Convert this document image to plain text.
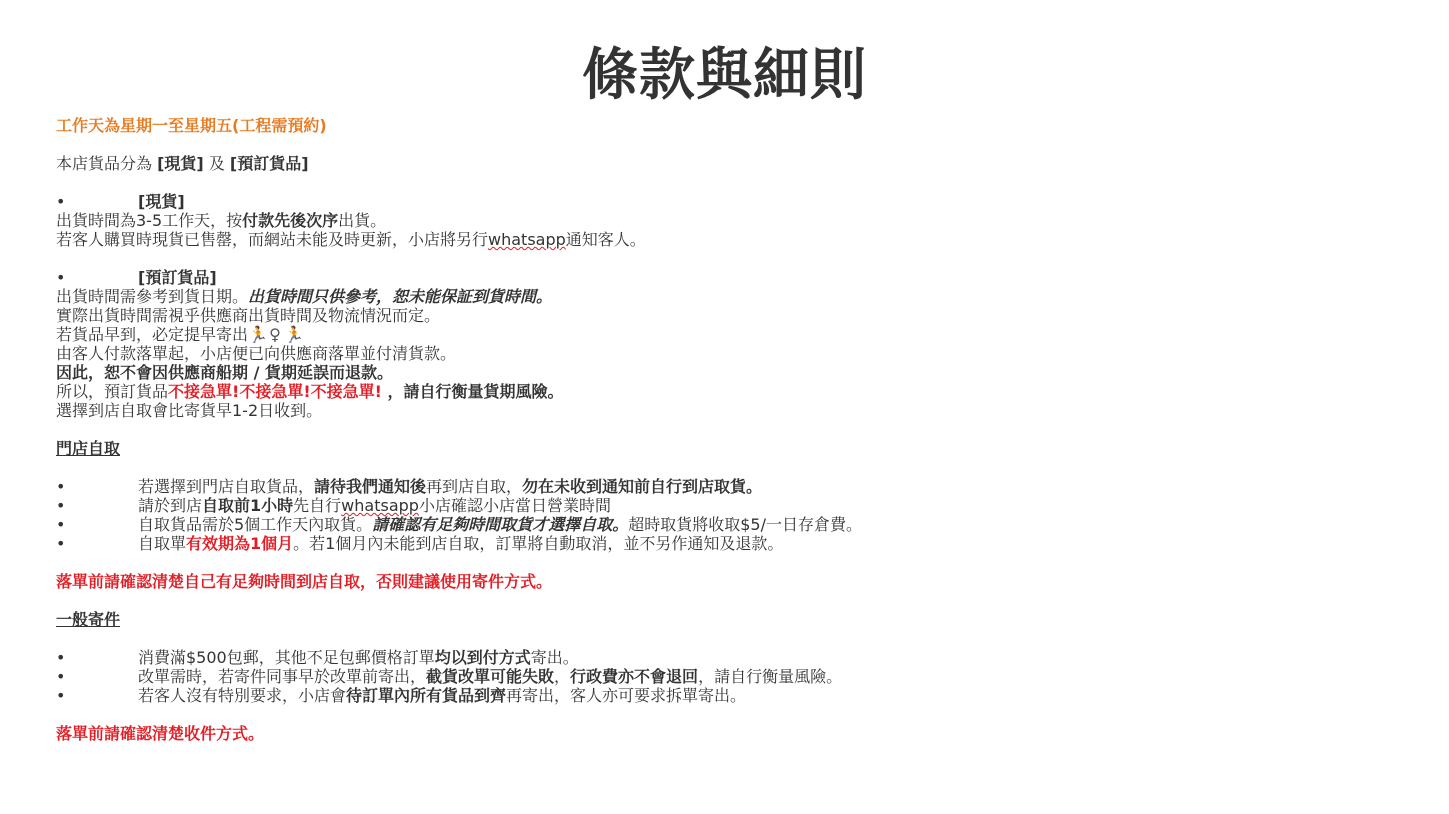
條款與細則
工作天為星期一至星期五(工程需預約)
本店貨品分為 [現貨] 及 [預訂貨品]
•[現貨]
出貨時間為3-5工作天，按付款先後次序出貨。
若客人購買時現貨已售罄，而網站未能及時更新，小店將另行whatsapp通知客人。
•[預訂貨品]
出貨時間需參考到貨日期。出貨時間只供參考，恕未能保証到貨時間。
實際出貨時間需視乎供應商出貨時間及物流情況而定。
若貨品早到，必定提早寄出🏃♀ 🏃
由客人付款落單起，小店便已向供應商落單並付清貨款。
因此，恕不會因供應商船期 / 貨期延誤而退款。
所以，預訂貨品不接急單!不接急單!不接急單! ，請自行衡量貨期風險。
選擇到店自取會比寄貨早1-2日收到。
門店自取
•若選擇到門店自取貨品，請待我們通知後再到店自取，勿在未收到通知前自行到店取貨。
•請於到店自取前1小時先自行whatsapp小店確認小店當日營業時間
•自取貨品需於5個工作天內取貨。請確認有足夠時間取貨才選擇自取。超時取貨將收取$5/一日存倉費。
•自取單有效期為1個月。若1個月內未能到店自取，訂單將自動取消，並不另作通知及退款。
落單前請確認清楚自己有足夠時間到店自取，否則建議使用寄件方式。
一般寄件
•消費滿$500包郵，其他不足包郵價格訂單均以到付方式寄出。
•改單需時，若寄件同事早於改單前寄出，截貨改單可能失敗，行政費亦不會退回，請自行衡量風險。
•若客人沒有特別要求，小店會待訂單內所有貨品到齊再寄出，客人亦可要求拆單寄出。
落單前請確認清楚收件方式。
